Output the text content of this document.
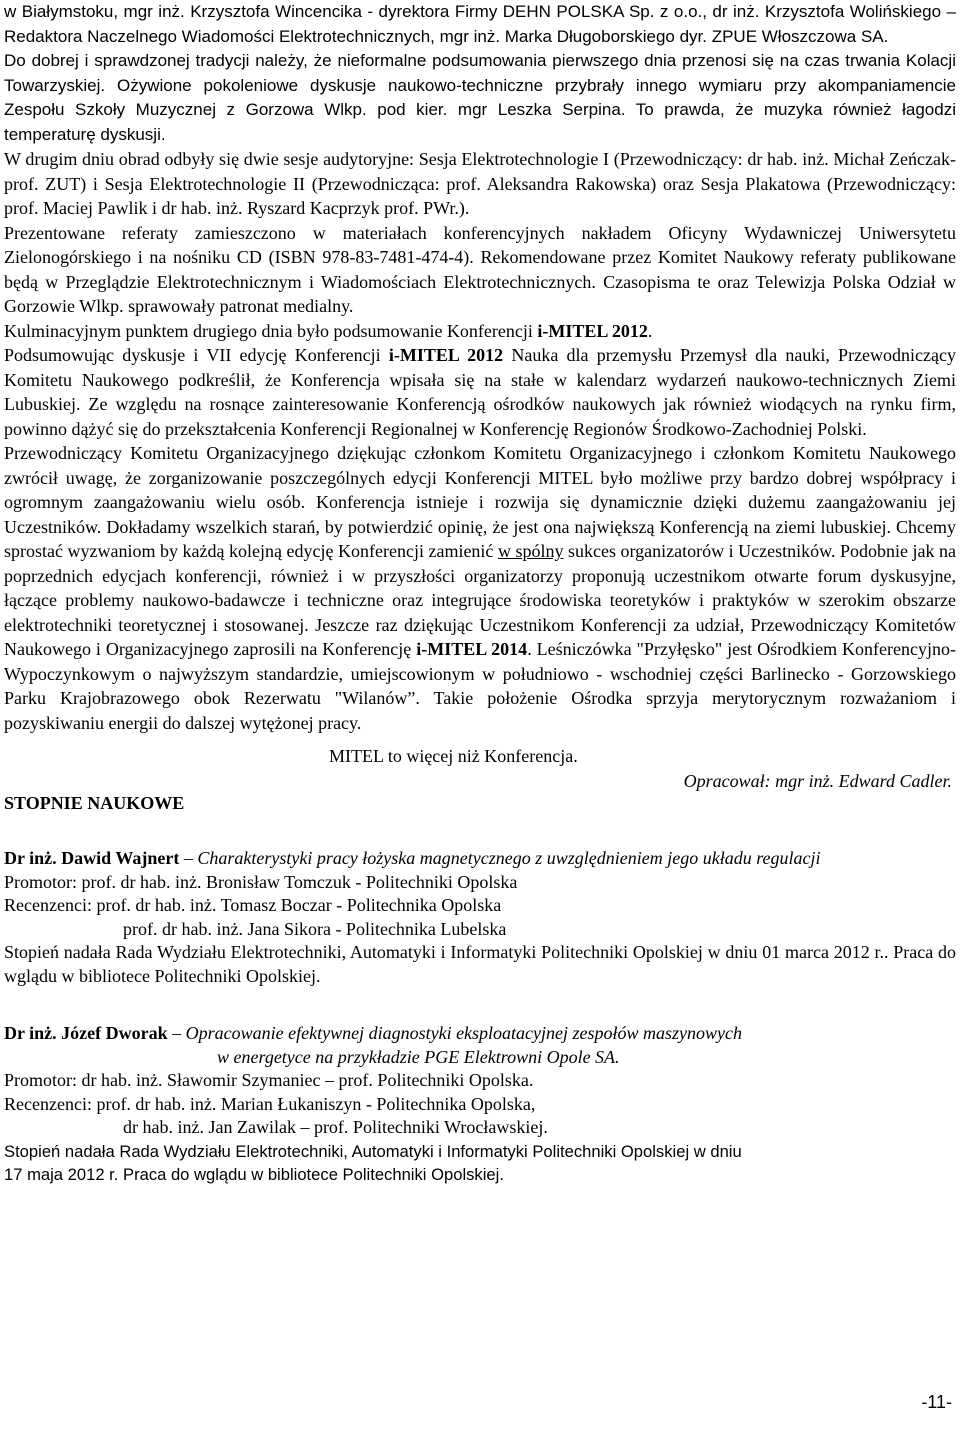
w Białymstoku, mgr inż. Krzysztofa Wincencika - dyrektora Firmy DEHN POLSKA Sp. z o.o., dr inż. Krzysztofa Wolińskiego – Redaktora Naczelnego Wiadomości Elektrotechnicznych, mgr inż. Marka Długoborskiego dyr. ZPUE Włoszczowa SA.

Do dobrej i sprawdzonej tradycji należy, że nieformalne podsumowania pierwszego dnia przenosi się na czas trwania Kolacji Towarzyskiej. Ożywione pokoleniowe dyskusje naukowo-techniczne przybrały innego wymiaru przy akompaniamencie Zespołu Szkoły Muzycznej z Gorzowa Wlkp. pod kier. mgr Leszka Serpina. To prawda, że muzyka również łagodzi temperaturę dyskusji.

W drugim dniu obrad odbyły się dwie sesje audytoryjne: Sesja Elektrotechnologie I (Przewodniczący: dr hab. inż. Michał Zeńczak-prof. ZUT) i Sesja Elektrotechnologie II (Przewodnicząca: prof. Aleksandra Rakowska) oraz Sesja Plakatowa (Przewodniczący: prof. Maciej Pawlik i dr hab. inż. Ryszard Kacprzyk prof. PWr.).

Prezentowane referaty zamieszczono w materiałach konferencyjnych nakładem Oficyny Wydawniczej Uniwersytetu Zielonogórskiego i na nośniku CD (ISBN 978-83-7481-474-4). Rekomendowane przez Komitet Naukowy referaty publikowane będą w Przeglądzie Elektrotechnicznym i Wiadomościach Elektrotechnicznych. Czasopisma te oraz Telewizja Polska Odział w Gorzowie Wlkp. sprawowały patronat medialny.

Kulminacyjnym punktem drugiego dnia było podsumowanie Konferencji i-MITEL 2012.

Podsumowując dyskusje i VII edycję Konferencji i-MITEL 2012 Nauka dla przemysłu Przemysł dla nauki, Przewodniczący Komitetu Naukowego podkreślił, że Konferencja wpisała się na stałe w kalendarz wydarzeń naukowo-technicznych Ziemi Lubuskiej. Ze względu na rosnące zainteresowanie Konferencją ośrodków naukowych jak również wiodących na rynku firm, powinno dążyć się do przekształcenia Konferencji Regionalnej w Konferencję Regionów Środkowo-Zachodniej Polski.

Przewodniczący Komitetu Organizacyjnego dziękując członkom Komitetu Organizacyjnego i członkom Komitetu Naukowego zwrócił uwagę, że zorganizowanie poszczególnych edycji Konferencji MITEL było możliwe przy bardzo dobrej współpracy i ogromnym zaangażowaniu wielu osób. Konferencja istnieje i rozwija się dynamicznie dzięki dużemu zaangażowaniu jej Uczestników. Dokładamy wszelkich starań, by potwierdzić opinię, że jest ona największą Konferencją na ziemi lubuskiej. Chcemy sprostać wyzwaniom by każdą kolejną edycję Konferencji zamienić w spólny sukces organizatorów i Uczestników. Podobnie jak na poprzednich edycjach konferencji, również i w przyszłości organizatorzy proponują uczestnikom otwarte forum dyskusyjne, łączące problemy naukowo-badawcze i techniczne oraz integrujące środowiska teoretyków i praktyków w szerokim obszarze elektrotechniki teoretycznej i stosowanej. Jeszcze raz dziękując Uczestnikom Konferencji za udział, Przewodniczący Komitetów Naukowego i Organizacyjnego zaprosili na Konferencję i-MITEL 2014. Leśniczówka "Przyłęsko" jest Ośrodkiem Konferencyjno-Wypoczynkowym o najwyższym standardzie, umiejscowionym w południowo - wschodniej części Barlinecko - Gorzowskiego Parku Krajobrazowego obok Rezerwatu "Wilanów”. Takie położenie Ośrodka sprzyja merytorycznym rozważaniom i pozyskiwaniu energii do dalszej wytężonej pracy.

MITEL to więcej niż Konferencja.

Opracował: mgr inż. Edward Cadler.

STOPNIE NAUKOWE

Dr inż. Dawid Wajnert – Charakterystyki pracy łożyska magnetycznego z uwzględnieniem jego układu regulacji

Promotor: prof. dr hab. inż. Bronisław Tomczuk - Politechniki Opolska

Recenzenci: prof. dr hab. inż. Tomasz Boczar - Politechnika Opolska

prof. dr hab. inż. Jana Sikora - Politechnika Lubelska

Stopień nadała Rada Wydziału Elektrotechniki, Automatyki i Informatyki Politechniki Opolskiej w dniu 01 marca 2012 r.. Praca do wglądu w bibliotece Politechniki Opolskiej.

Dr inż. Józef Dworak – Opracowanie efektywnej diagnostyki eksploatacyjnej zespołów maszynowych

w energetyce na przykładzie PGE Elektrowni Opole SA.

Promotor: dr hab. inż. Sławomir Szymaniec – prof. Politechniki Opolska.

Recenzenci: prof. dr hab. inż. Marian Łukaniszyn - Politechnika Opolska,

dr hab. inż. Jan Zawilak – prof. Politechniki Wrocławskiej.

Stopień nadała Rada Wydziału Elektrotechniki, Automatyki i Informatyki Politechniki Opolskiej w dniu

17 maja 2012 r. Praca do wglądu w bibliotece Politechniki Opolskiej.

-11-
